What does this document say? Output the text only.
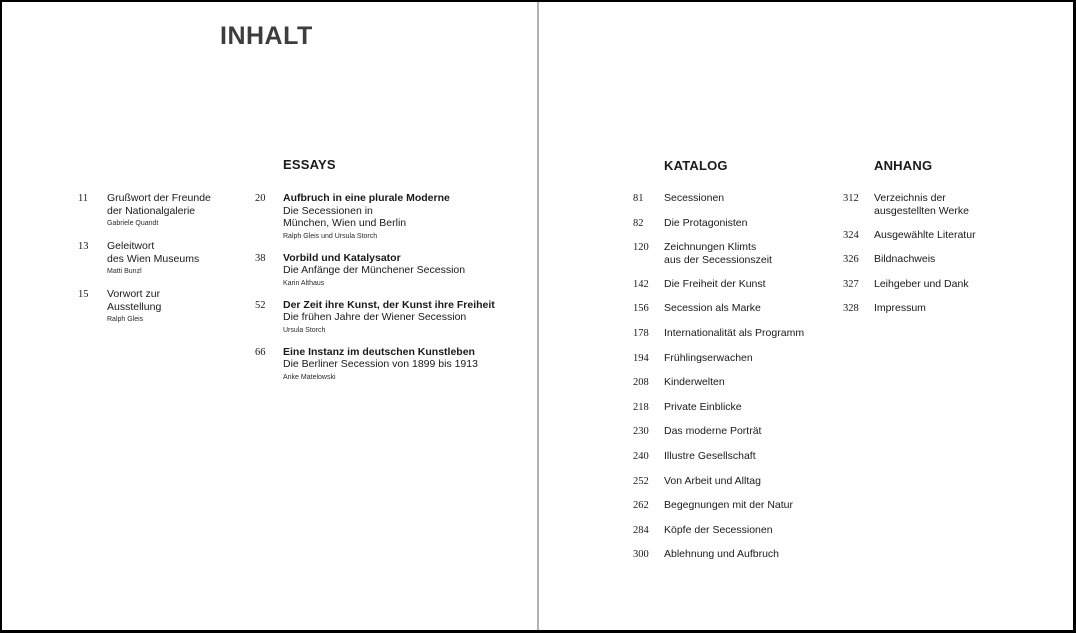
INHALT
11	Grußwort der Freunde
der Nationalgalerie
Gabriele Quandt
13	Geleitwort
des Wien Museums
Matti Bunzl
15	Vorwort zur
Ausstellung
Ralph Gleis
ESSAYS
20	Aufbruch in eine plurale Moderne
Die Secessionen in
München, Wien und Berlin
Ralph Gleis und Ursula Storch
38	Vorbild und Katalysator
Die Anfänge der Münchener Secession
Karin Althaus
52	Der Zeit ihre Kunst, der Kunst ihre Freiheit
Die frühen Jahre der Wiener Secession
Ursula Storch
66	Eine Instanz im deutschen Kunstleben
Die Berliner Secession von 1899 bis 1913
Anke Matelowski
KATALOG
81	Secessionen
82	Die Protagonisten
120	Zeichnungen Klimts
aus der Secessionszeit
142	Die Freiheit der Kunst
156	Secession als Marke
178	Internationalität als Programm
194	Frühlingserwachen
208	Kinderwelten
218	Private Einblicke
230	Das moderne Porträt
240	Illustre Gesellschaft
252	Von Arbeit und Alltag
262	Begegnungen mit der Natur
284	Köpfe der Secessionen
300	Ablehnung und Aufbruch
ANHANG
312	Verzeichnis der
ausgestellten Werke
324	Ausgewählte Literatur
326	Bildnachweis
327	Leihgeber und Dank
328	Impressum
